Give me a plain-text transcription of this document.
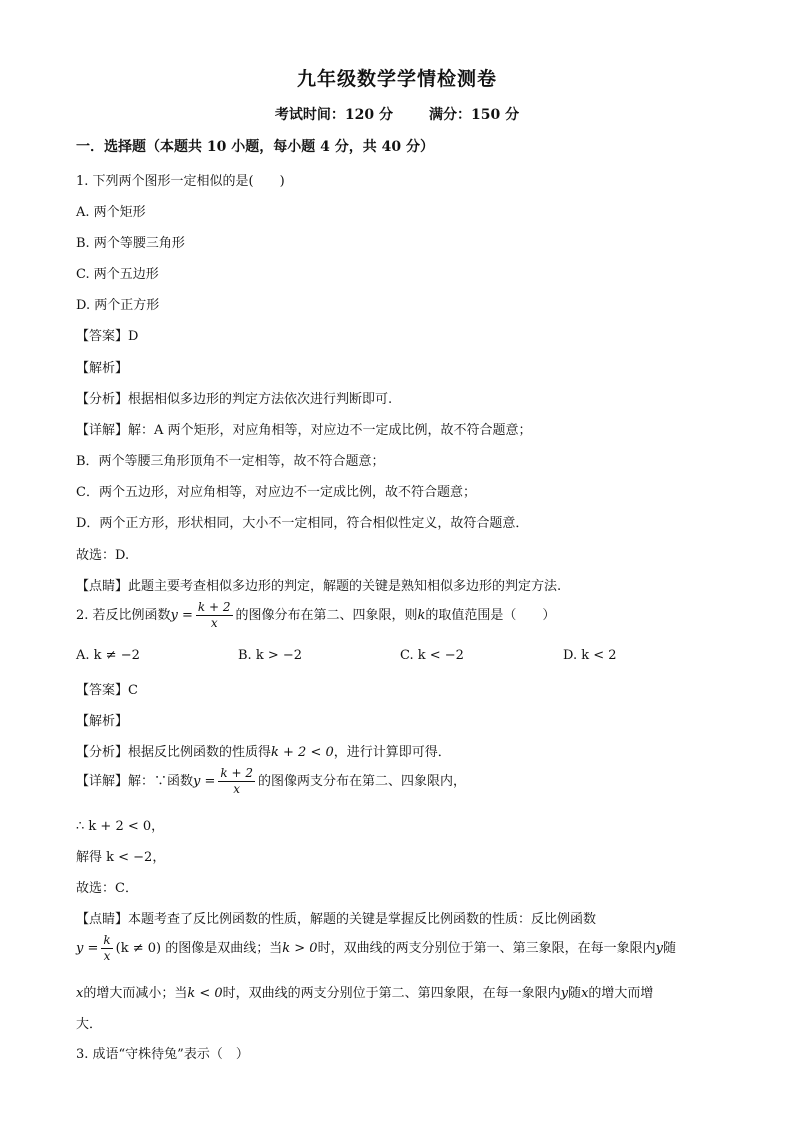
九年级数学学情检测卷
考试时间：120 分	满分：150 分
一．选择题（本题共 10 小题，每小题 4 分，共 40 分）
1. 下列两个图形一定相似的是(　　)
A. 两个矩形
B. 两个等腰三角形
C. 两个五边形
D. 两个正方形
【答案】D
【解析】
【分析】根据相似多边形的判定方法依次进行判断即可.
【详解】解：A 两个矩形，对应角相等，对应边不一定成比例，故不符合题意；
B．两个等腰三角形顶角不一定相等，故不符合题意；
C．两个五边形，对应角相等，对应边不一定成比例，故不符合题意；
D．两个正方形，形状相同，大小不一定相同，符合相似性定义，故符合题意．
故选：D.
【点睛】此题主要考查相似多边形的判定，解题的关键是熟知相似多边形的判定方法.
2. 若反比例函数$y = \frac{k + 2}{x}$ 的图像分布在第二、四象限，则k的取值范围是（　　）
A. k ≠ −2	B. k > −2	C. k < −2	D. k < 2
【答案】C
【解析】
【分析】根据反比例函数的性质得k + 2 < 0，进行计算即可得．
【详解】解：∵函数$y = \frac{k + 2}{x}$ 的图像两支分布在第二、四象限内，
∴ k + 2 < 0，
解得 k < −2，
故选：C．
【点睛】本题考查了反比例函数的性质，解题的关键是掌握反比例函数的性质：反比例函数
$y = \frac{k}{x} (k \ne 0)$ 的图像是双曲线；当k > 0时，双曲线的两支分别位于第一、第三象限，在每一象限内y随
x的增大而减小；当k < 0时，双曲线的两支分别位于第二、第四象限，在每一象限内y随x的增大而增
大．
3. 成语“守株待兔”表示（　）
